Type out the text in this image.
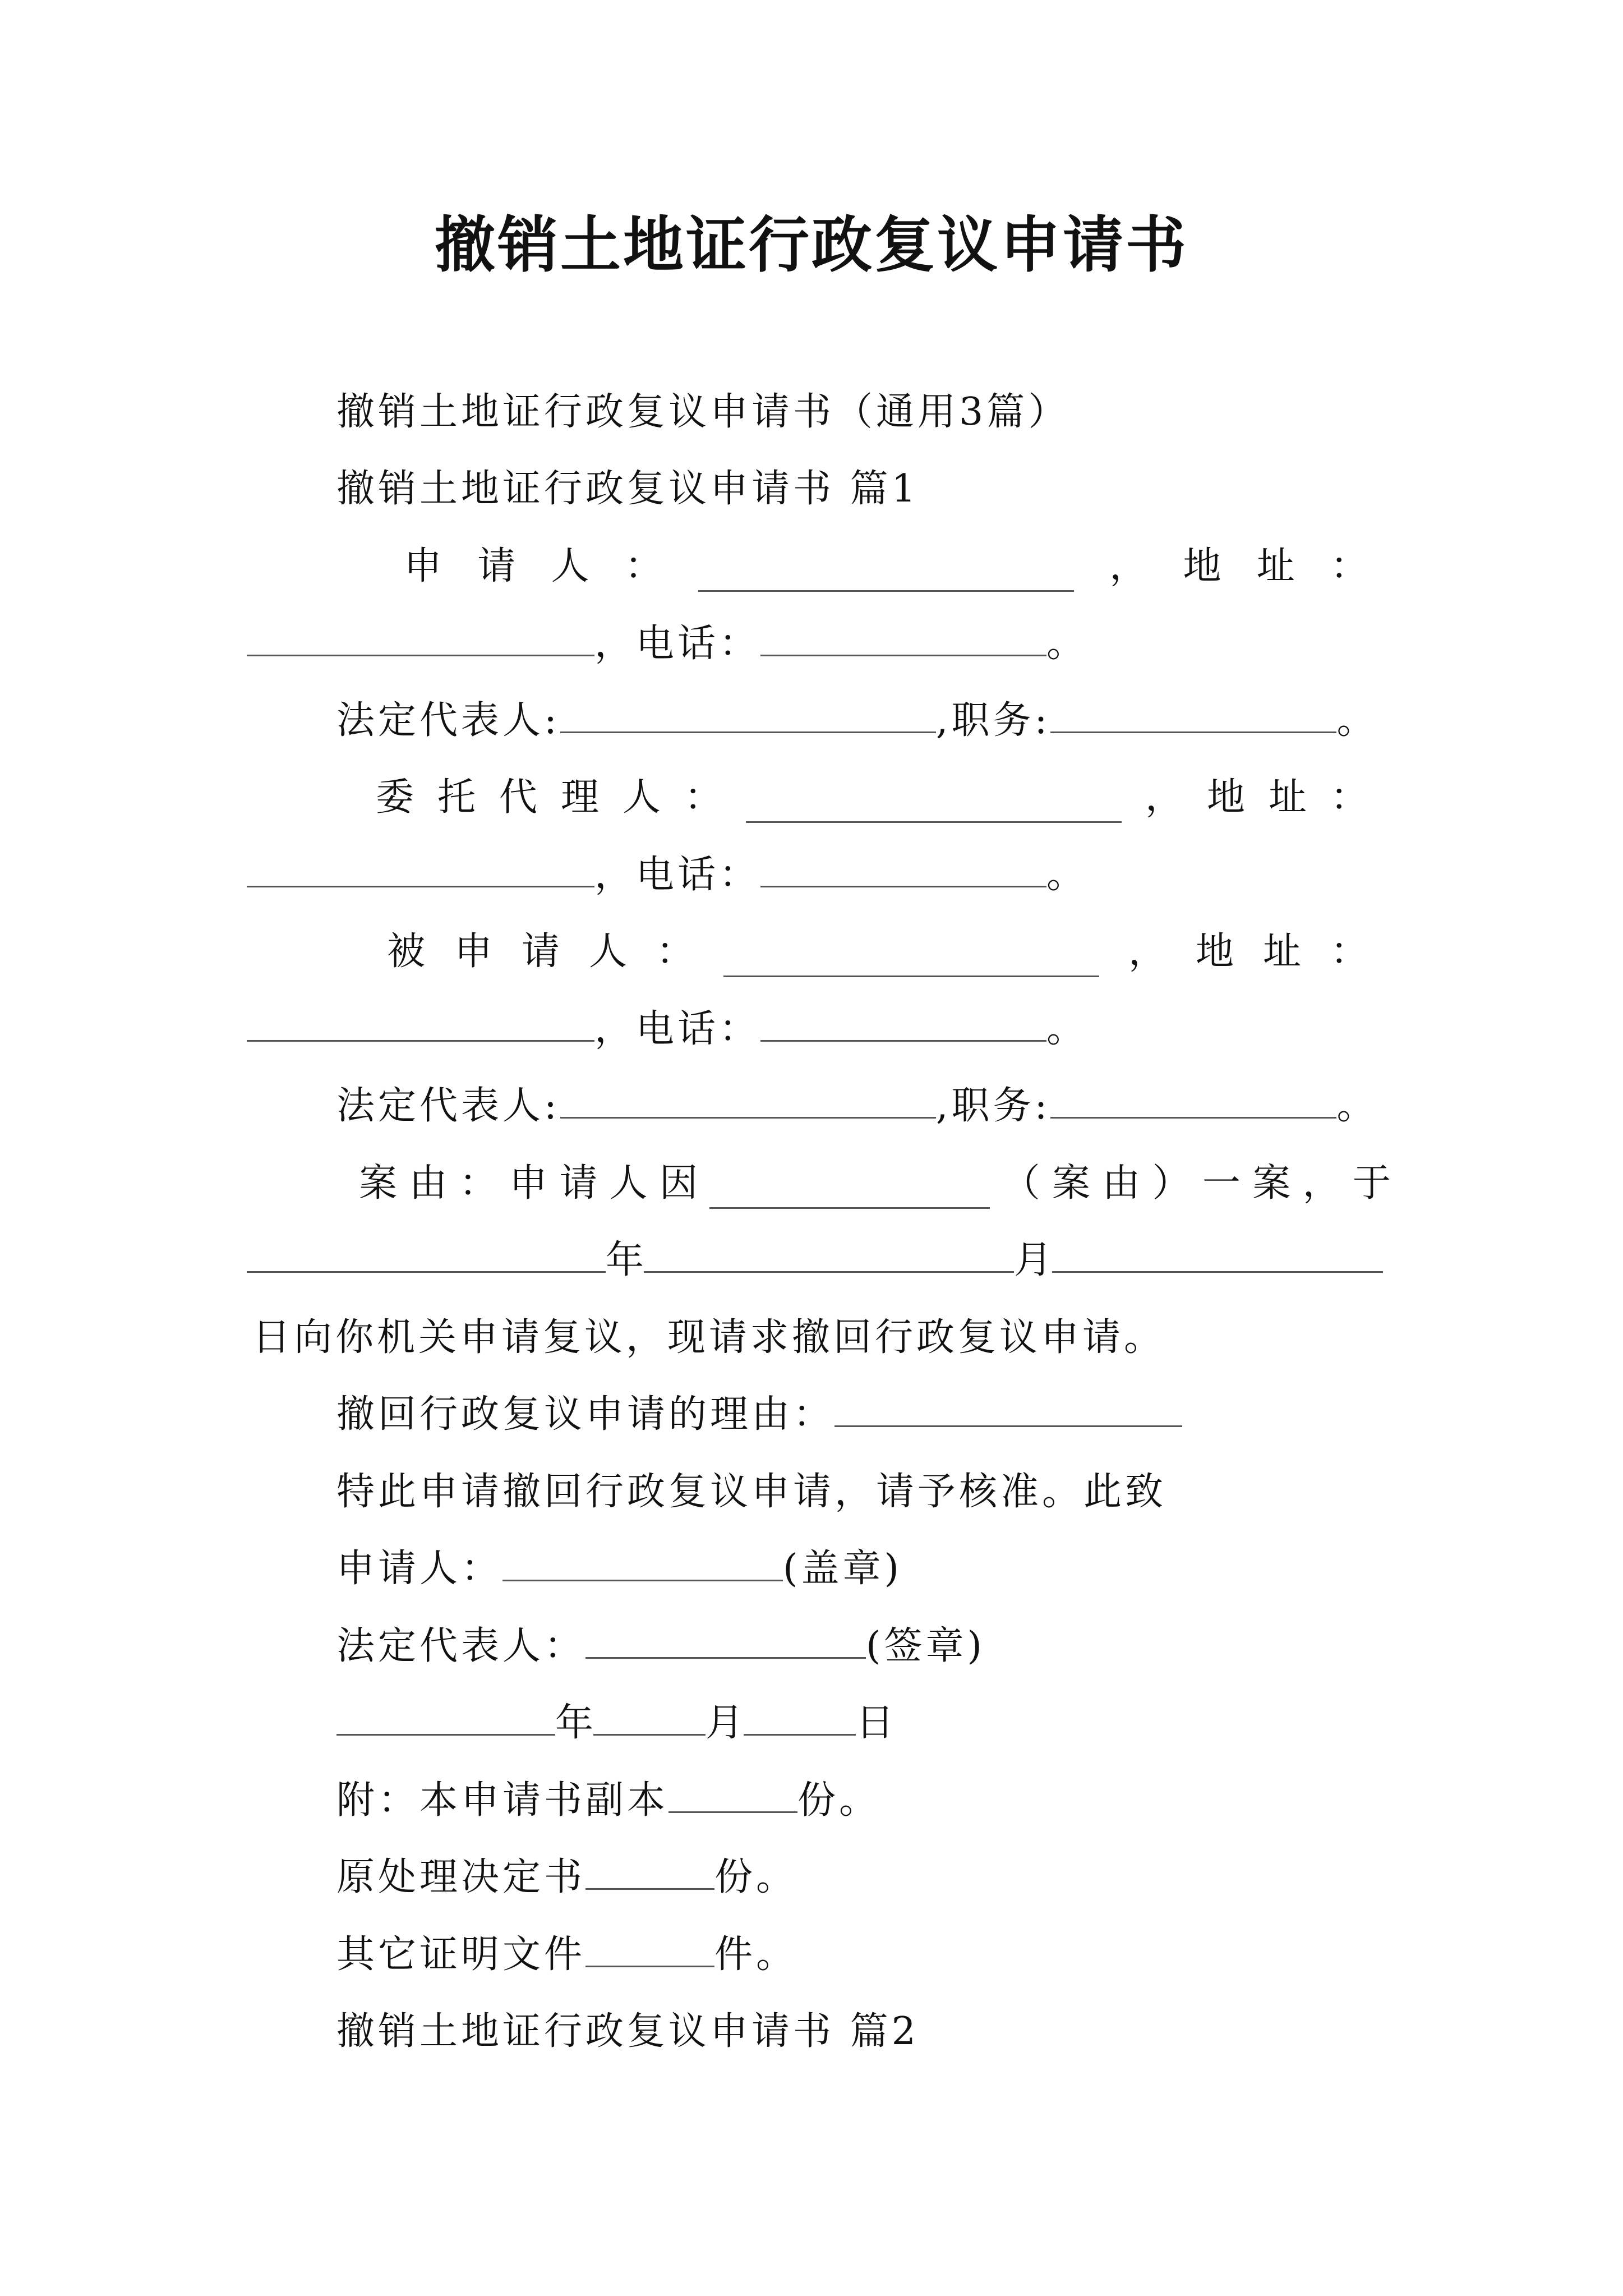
撤销土地证行政复议申请书
撤销土地证行政复议申请书（通用3篇）
撤销土地证行政复议申请书 篇1
申 请 人 ：	， 地 址 ：
，电话：	。
法定代表人:	,职务:	。
委 托 代 理 人 ：	， 地 址 ：
，电话：	。
被 申 请 人 ：	， 地 址 ：
，电话：	。
法定代表人:	,职务:	。
案 由 ： 申 请 人 因	（ 案 由 ） 一 案 ， 于
年	月
日向你机关申请复议，现请求撤回行政复议申请。
撤回行政复议申请的理由：
特此申请撤回行政复议申请，请予核准。此致
申请人：	(盖章)
法定代表人：	(签章)
年	月	日
附：本申请书副本	份。
原处理决定书	份。
其它证明文件	件。
撤销土地证行政复议申请书 篇2
